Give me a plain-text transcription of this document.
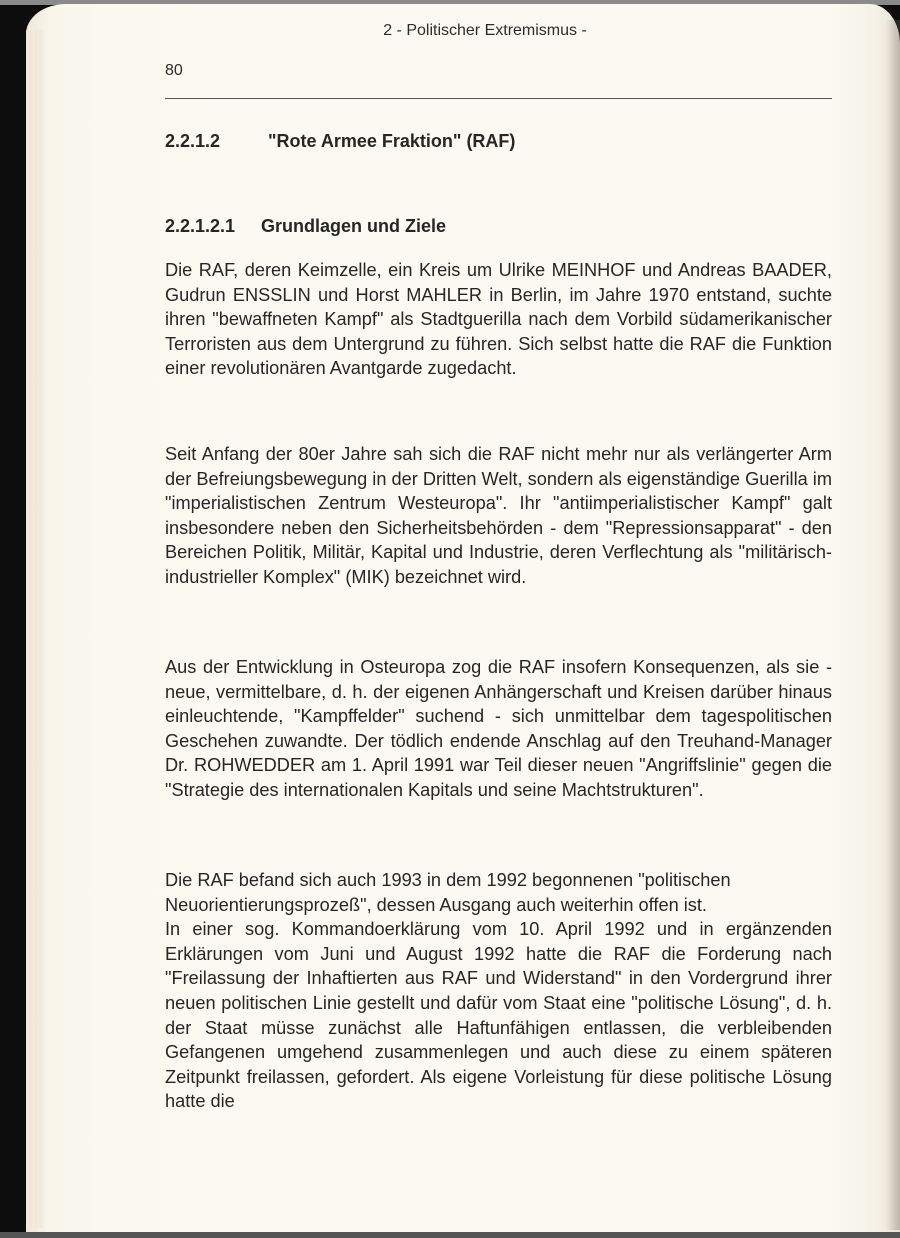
2 - Politischer Extremismus -
80
2.2.1.2	"Rote Armee Fraktion" (RAF)
2.2.1.2.1 Grundlagen und Ziele

Die RAF, deren Keimzelle, ein Kreis um Ulrike MEINHOF und Andreas BAADER, Gudrun ENSSLIN und Horst MAHLER in Berlin, im Jahre 1970 entstand, suchte ihren "bewaffneten Kampf" als Stadtguerilla nach dem Vorbild südamerikanischer Terroristen aus dem Untergrund zu führen. Sich selbst hatte die RAF die Funktion einer revolutionären Avantgarde zugedacht.

Seit Anfang der 80er Jahre sah sich die RAF nicht mehr nur als verlängerter Arm der Befreiungsbewegung in der Dritten Welt, sondern als eigenständige Guerilla im "imperialistischen Zentrum Westeuropa". Ihr "antiimperialistischer Kampf" galt insbesondere neben den Sicherheitsbehörden - dem "Repressionsapparat" - den Bereichen Politik, Militär, Kapital und Industrie, deren Verflechtung als "militärisch-industrieller Komplex" (MIK) bezeichnet wird.

Aus der Entwicklung in Osteuropa zog die RAF insofern Konsequenzen, als sie - neue, vermittelbare, d. h. der eigenen Anhängerschaft und Kreisen darüber hinaus einleuchtende, "Kampffelder" suchend - sich unmittelbar dem tagespolitischen Geschehen zuwandte. Der tödlich endende Anschlag auf den Treuhand-Manager Dr. ROHWEDDER am 1. April 1991 war Teil dieser neuen "Angriffslinie" gegen die "Strategie des internationalen Kapitals und seine Machtstrukturen".

Die RAF befand sich auch 1993 in dem 1992 begonnenen "politischen Neuorientierungsprozeß", dessen Ausgang auch weiterhin offen ist.

In einer sog. Kommandoerklärung vom 10. April 1992 und in ergänzenden Erklärungen vom Juni und August 1992 hatte die RAF die Forderung nach "Freilassung der Inhaftierten aus RAF und Widerstand" in den Vordergrund ihrer neuen politischen Linie gestellt und dafür vom Staat eine "politische Lösung", d. h. der Staat müsse zunächst alle Haftunfähigen entlassen, die verbleibenden Gefangenen umgehend zusammenlegen und auch diese zu einem späteren Zeitpunkt freilassen, gefordert. Als eigene Vorleistung für diese politische Lösung hatte die
